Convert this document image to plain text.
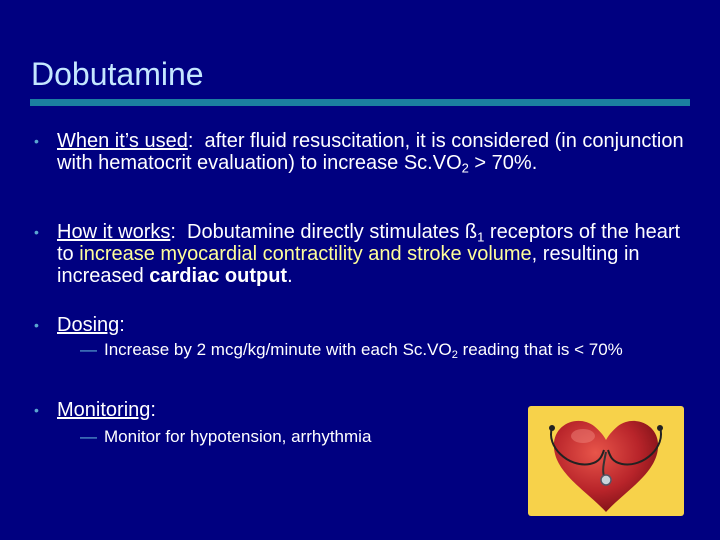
Dobutamine
• When it’s used:  after fluid resuscitation, it is considered (in conjunction with hematocrit evaluation) to increase $Sc.VO_2 > 70\%$.
• How it works:  Dobutamine directly stimulates $ß_1$ receptors of the heart to increase myocardial contractility and stroke volume, resulting in increased cardiac output.
• Dosing:
— Increase by 2 mcg/kg/minute with each $Sc.VO_2$ reading that is < 70%
• Monitoring:
— Monitor for hypotension, arrhythmia
